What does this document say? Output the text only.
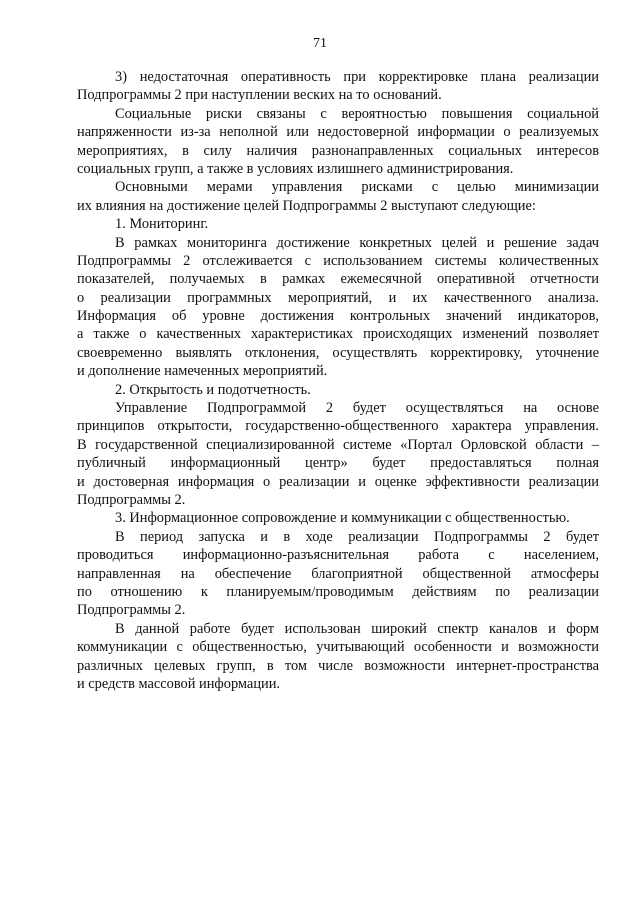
71
3) недостаточная оперативность при корректировке плана реализации
Подпрограммы 2 при наступлении веских на то оснований.
Социальные риски связаны с вероятностью повышения социальной
напряженности из-за неполной или недостоверной информации о реализуемых
мероприятиях, в силу наличия разнонаправленных социальных интересов
социальных групп, а также в условиях излишнего администрирования.
Основными мерами управления рисками с целью минимизации
их влияния на достижение целей Подпрограммы 2 выступают следующие:
1. Мониторинг.
В рамках мониторинга достижение конкретных целей и решение задач
Подпрограммы 2 отслеживается с использованием системы количественных
показателей, получаемых в рамках ежемесячной оперативной отчетности
о реализации программных мероприятий, и их качественного анализа.
Информация об уровне достижения контрольных значений индикаторов,
а также о качественных характеристиках происходящих изменений позволяет
своевременно выявлять отклонения, осуществлять корректировку, уточнение
и дополнение намеченных мероприятий.
2. Открытость и подотчетность.
Управление Подпрограммой 2 будет осуществляться на основе
принципов открытости, государственно-общественного характера управления.
В государственной специализированной системе «Портал Орловской области –
публичный информационный центр» будет предоставляться полная
и достоверная информация о реализации и оценке эффективности реализации
Подпрограммы 2.
3. Информационное сопровождение и коммуникации с общественностью.
В период запуска и в ходе реализации Подпрограммы 2 будет
проводиться информационно-разъяснительная работа с населением,
направленная на обеспечение благоприятной общественной атмосферы
по отношению к планируемым/проводимым действиям по реализации
Подпрограммы 2.
В данной работе будет использован широкий спектр каналов и форм
коммуникации с общественностью, учитывающий особенности и возможности
различных целевых групп, в том числе возможности интернет-пространства
и средств массовой информации.
